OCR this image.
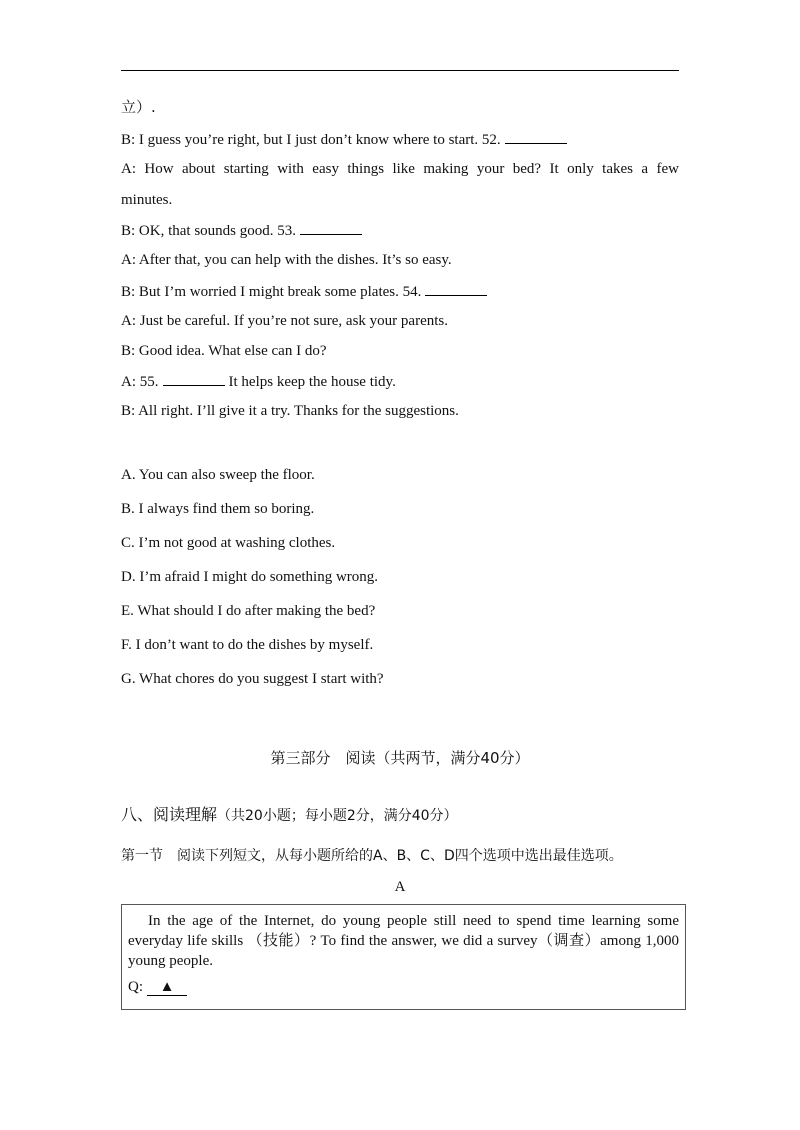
立）.
B: I guess you’re right, but I just don’t know where to start. 52.
A: How about starting with easy things like making your bed? It only takes a few
minutes.
B: OK, that sounds good. 53.
A: After that, you can help with the dishes. It’s so easy.
B: But I’m worried I might break some plates. 54.
A: Just be careful. If you’re not sure, ask your parents.
B: Good idea. What else can I do?
A: 55.	It helps keep the house tidy.
B: All right. I’ll give it a try. Thanks for the suggestions.
A. You can also sweep the floor.
B. I always find them so boring.
C. I’m not good at washing clothes.
D. I’m afraid I might do something wrong.
E. What should I do after making the bed?
F. I don’t want to do the dishes by myself.
G. What chores do you suggest I start with?
第三部分　阅读（共两节，满分40分）
八、阅读理解（共20小题；每小题2分，满分40分）
第一节　阅读下列短文，从每小题所给的A、B、C、D四个选项中选出最佳选项。
A
In the age of the Internet, do young people still need to spend time learning some everyday life skills （技能）? To find the answer, we did a survey（调查）among 1,000 young people.
Q: ▲
